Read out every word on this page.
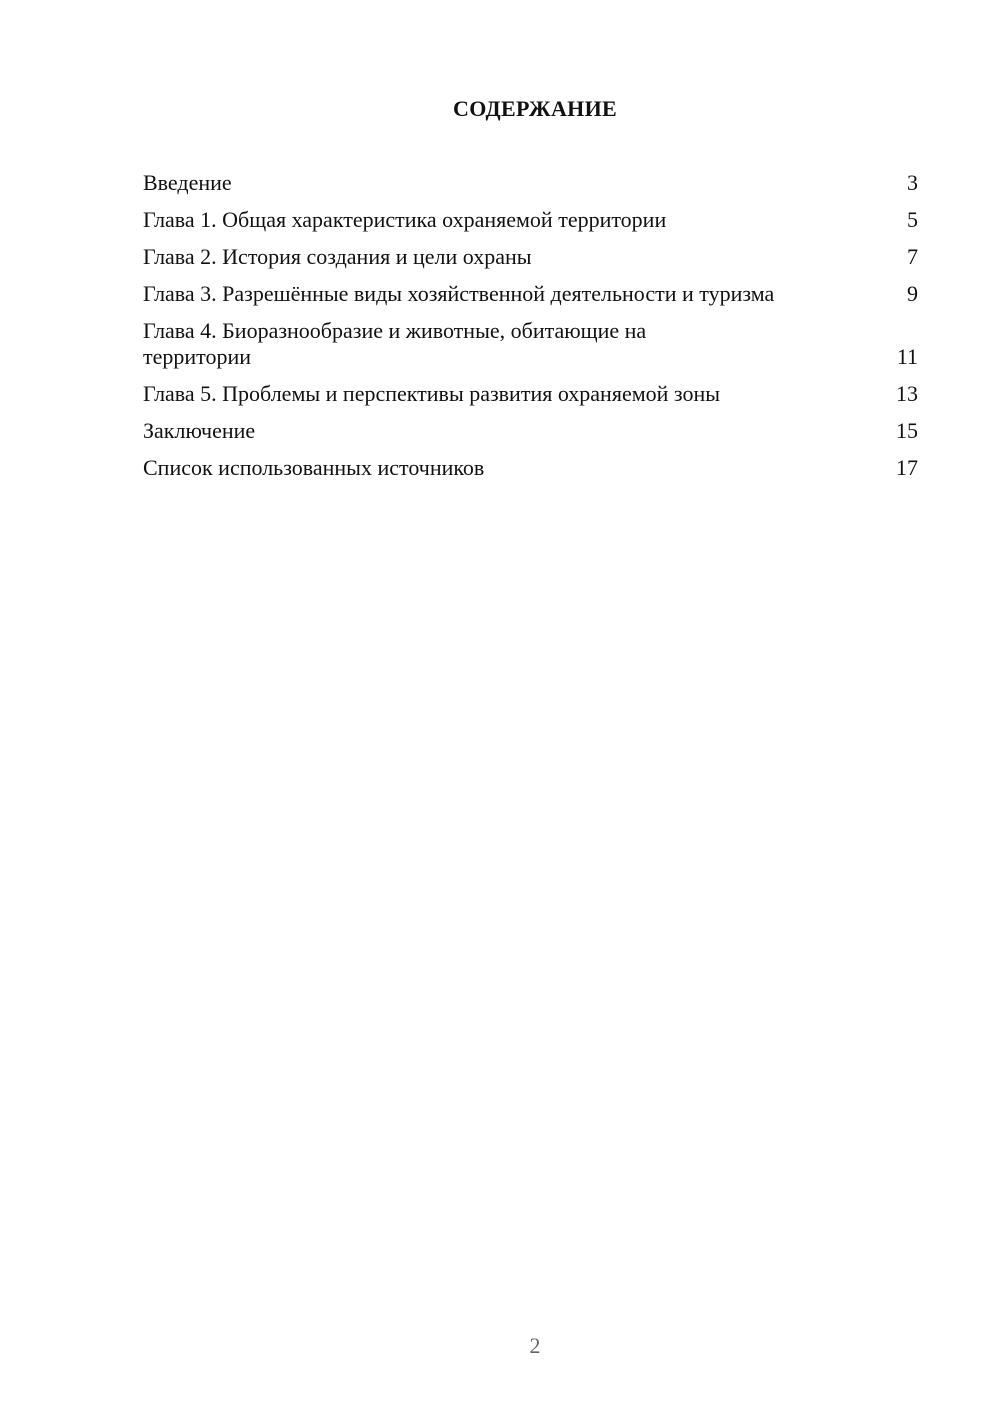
СОДЕРЖАНИЕ
Введение	3
Глава 1. Общая характеристика охраняемой территории	5
Глава 2. История создания и цели охраны	7
Глава 3. Разрешённые виды хозяйственной деятельности и туризма	9
Глава 4. Биоразнообразие и животные, обитающие на территории	11
Глава 5. Проблемы и перспективы развития охраняемой зоны	13
Заключение	15
Список использованных источников	17
2
